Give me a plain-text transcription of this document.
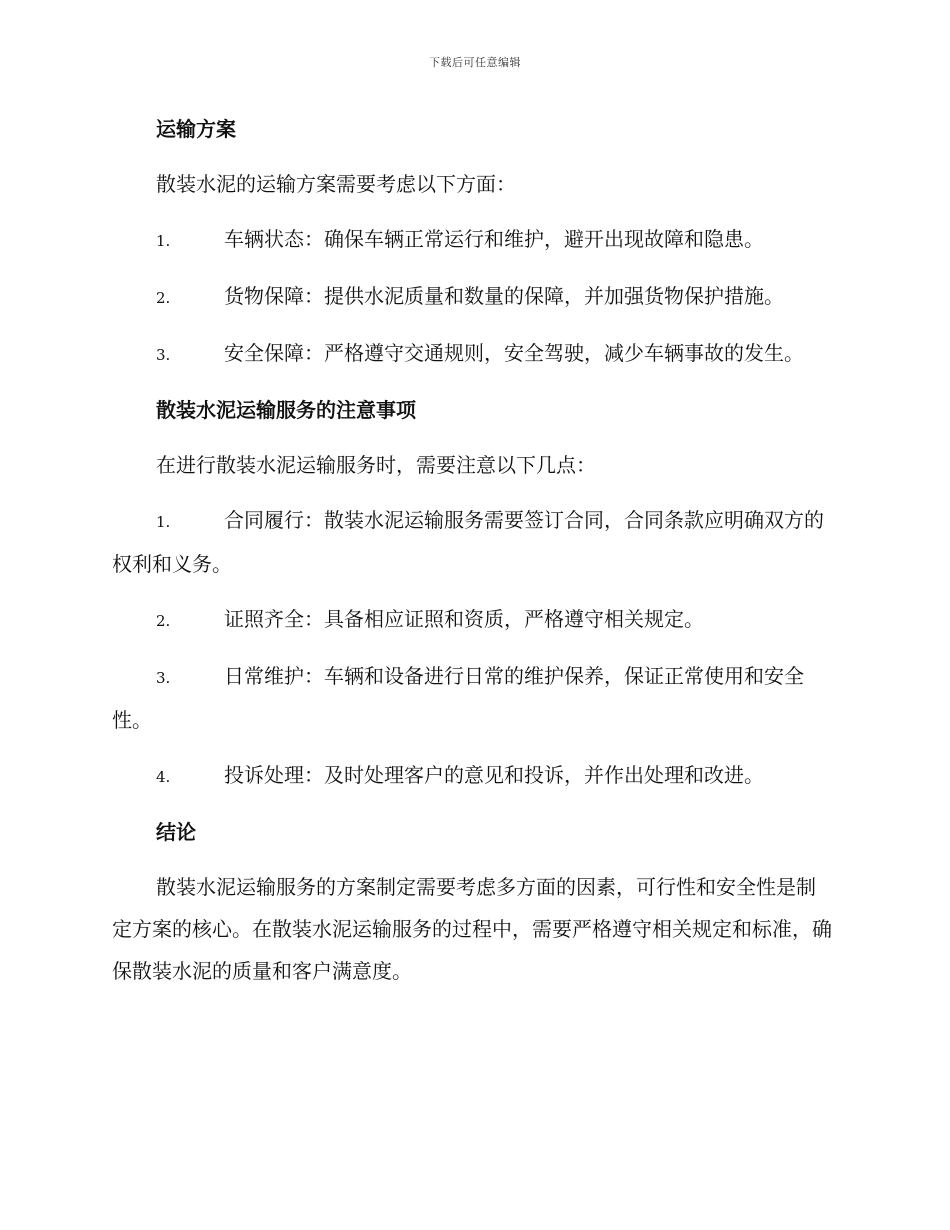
下载后可任意编辑
运输方案

散装水泥的运输方案需要考虑以下方面：

1.	车辆状态：确保车辆正常运行和维护，避开出现故障和隐患。

2.	货物保障：提供水泥质量和数量的保障，并加强货物保护措施。

3.	安全保障：严格遵守交通规则，安全驾驶，减少车辆事故的发生。

散装水泥运输服务的注意事项

在进行散装水泥运输服务时，需要注意以下几点：

1.	合同履行：散装水泥运输服务需要签订合同，合同条款应明确双方的权利和义务。

2.	证照齐全：具备相应证照和资质，严格遵守相关规定。

3.	日常维护：车辆和设备进行日常的维护保养，保证正常使用和安全性。

4.	投诉处理：及时处理客户的意见和投诉，并作出处理和改进。

结论

散装水泥运输服务的方案制定需要考虑多方面的因素，可行性和安全性是制定方案的核心。在散装水泥运输服务的过程中，需要严格遵守相关规定和标准，确保散装水泥的质量和客户满意度。
